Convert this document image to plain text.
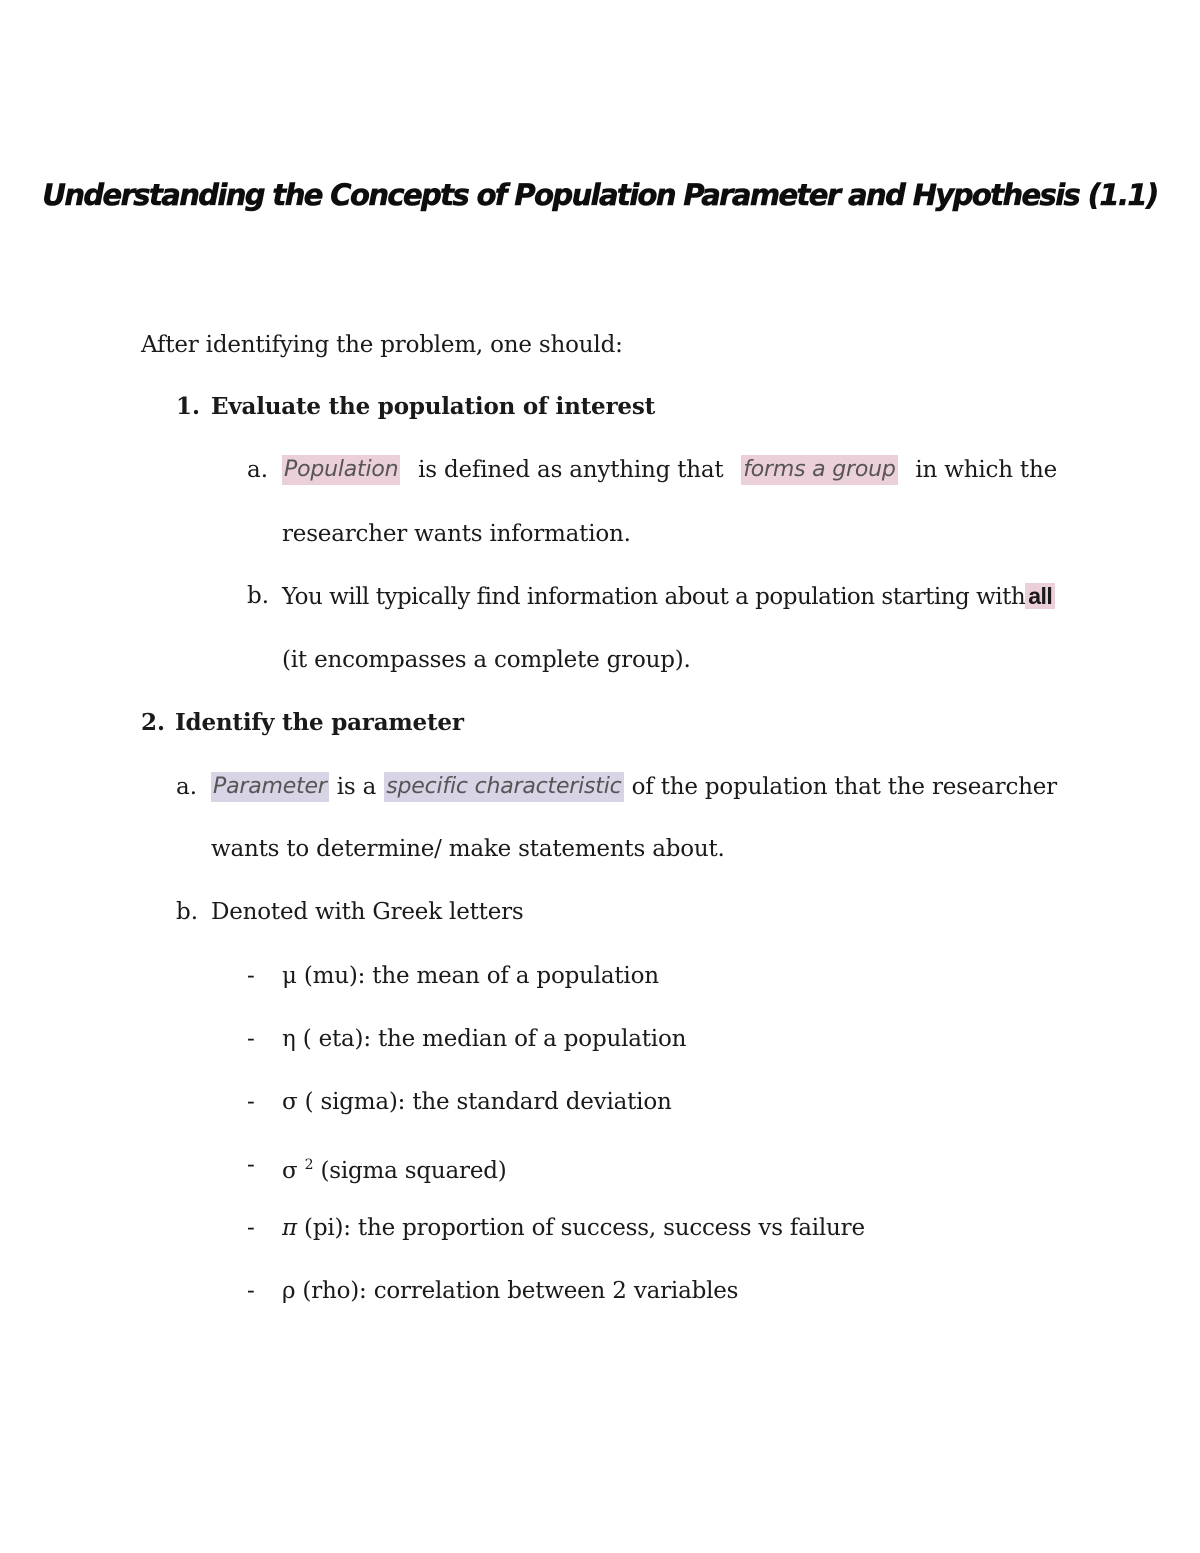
Understanding the Concepts of Population Parameter and Hypothesis (1.1)
After identifying the problem, one should:
1. Evaluate the population of interest
a. Population is defined as anything that forms a group in which the
researcher wants information.
b. You will typically find information about a population starting with all
(it encompasses a complete group).
2. Identify the parameter
a. Parameter is a specific characteristic of the population that the researcher
wants to determine/ make statements about.
b. Denoted with Greek letters
- μ (mu): the mean of a population
- η ( eta): the median of a population
- σ ( sigma): the standard deviation
- σ $^2$ (sigma squared)
- π (pi): the proportion of success, success vs failure
- ρ (rho): correlation between 2 variables
